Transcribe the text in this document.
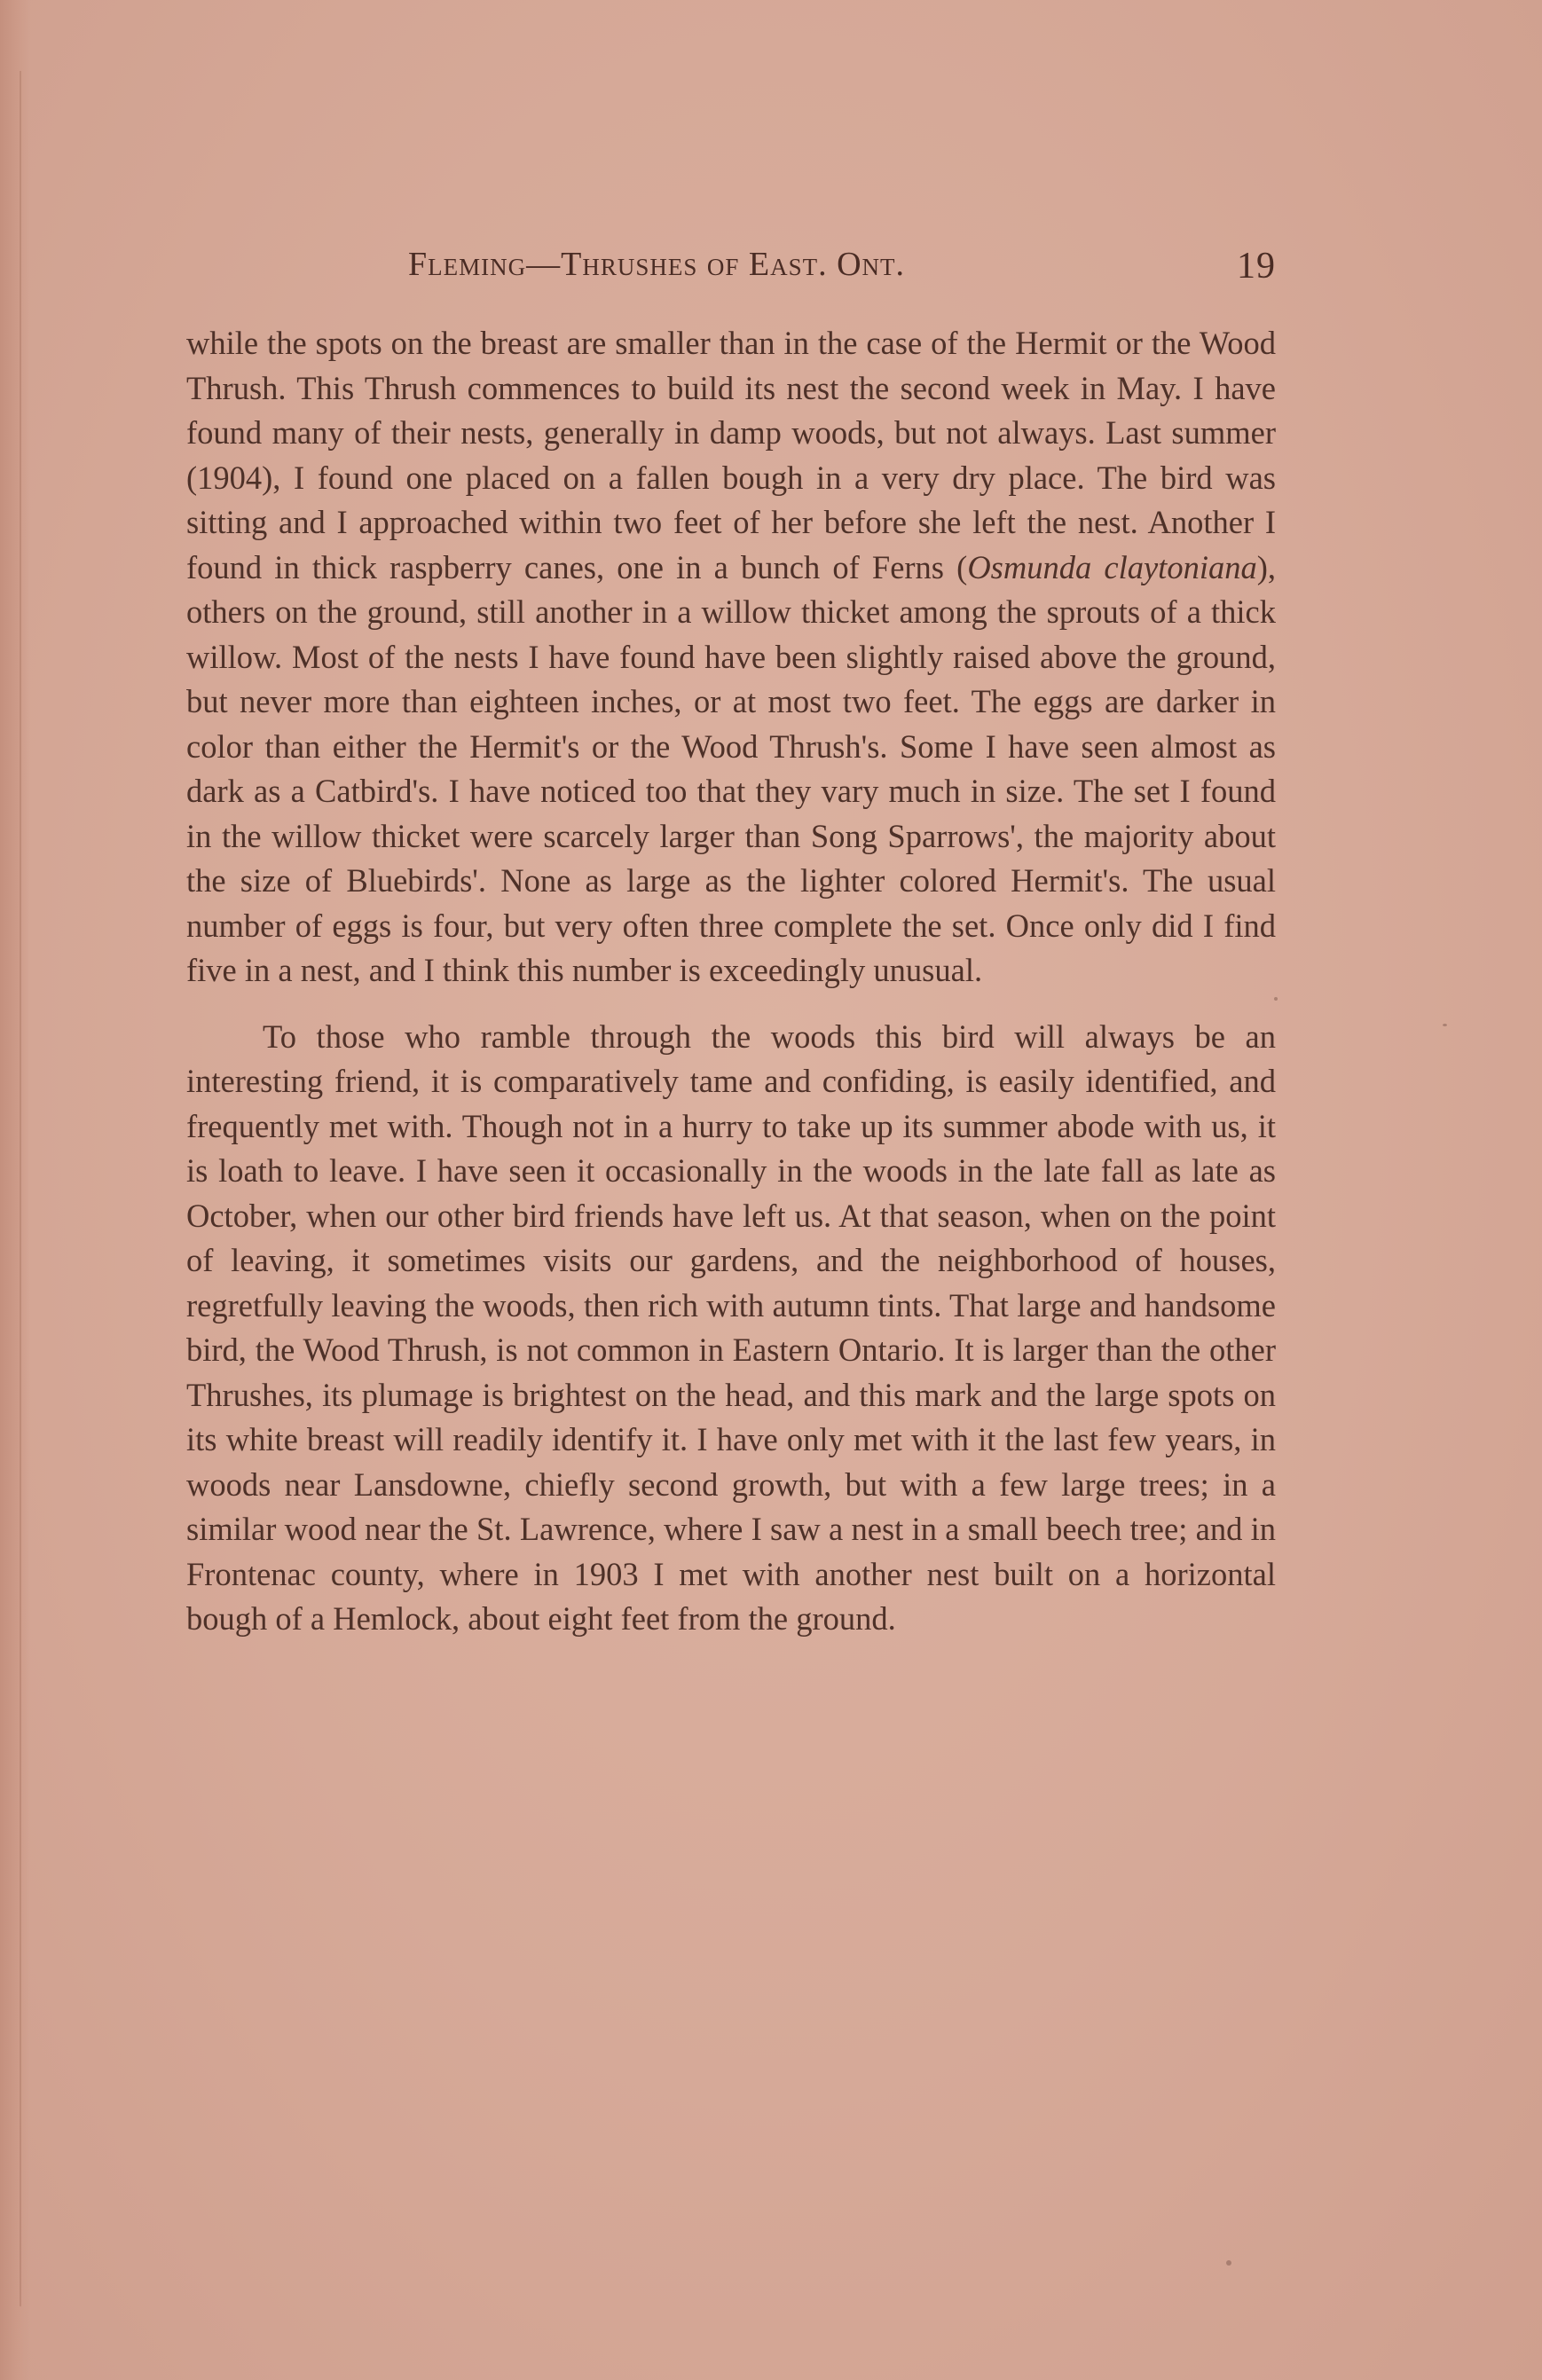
Fleming—Thrushes of East. Ont.	19

while the spots on the breast are smaller than in the case of the Hermit or the Wood Thrush. This Thrush commences to build its nest the second week in May. I have found many of their nests, generally in damp woods, but not always. Last summer (1904), I found one placed on a fallen bough in a very dry place. The bird was sitting and I approached within two feet of her before she left the nest. Another I found in thick raspberry canes, one in a bunch of Ferns (Osmunda claytoniana), others on the ground, still another in a willow thicket among the sprouts of a thick willow. Most of the nests I have found have been slightly raised above the ground, but never more than eighteen inches, or at most two feet. The eggs are darker in color than either the Hermit's or the Wood Thrush's. Some I have seen almost as dark as a Catbird's. I have noticed too that they vary much in size. The set I found in the willow thicket were scarcely larger than Song Sparrows', the majority about the size of Bluebirds'. None as large as the lighter colored Hermit's. The usual number of eggs is four, but very often three complete the set. Once only did I find five in a nest, and I think this number is exceedingly unusual.

To those who ramble through the woods this bird will always be an interesting friend, it is comparatively tame and confiding, is easily identified, and frequently met with. Though not in a hurry to take up its summer abode with us, it is loath to leave. I have seen it occasionally in the woods in the late fall as late as October, when our other bird friends have left us. At that season, when on the point of leaving, it sometimes visits our gardens, and the neighborhood of houses, regretfully leaving the woods, then rich with autumn tints. That large and handsome bird, the Wood Thrush, is not common in Eastern Ontario. It is larger than the other Thrushes, its plumage is brightest on the head, and this mark and the large spots on its white breast will readily identify it. I have only met with it the last few years, in woods near Lansdowne, chiefly second growth, but with a few large trees; in a similar wood near the St. Lawrence, where I saw a nest in a small beech tree; and in Frontenac county, where in 1903 I met with another nest built on a horizontal bough of a Hemlock, about eight feet from the ground.
